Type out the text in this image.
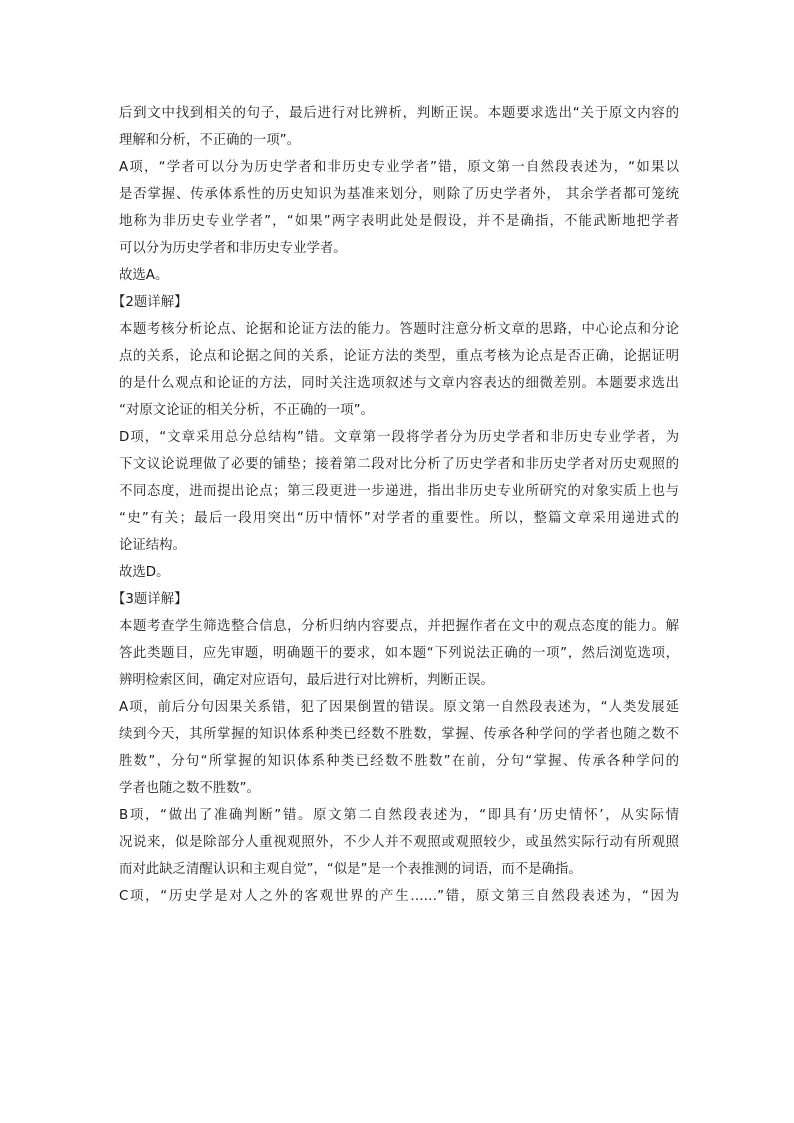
后到文中找到相关的句子，最后进行对比辨析，判断正误。本题要求选出“关于原文内容的
理解和分析，不正确的一项”。
A项，“学者可以分为历史学者和非历史专业学者”错，原文第一自然段表述为，“如果以
是否掌握、传承体系性的历史知识为基准来划分，则除了历史学者外， 其余学者都可笼统
地称为非历史专业学者”，“如果”两字表明此处是假设，并不是确指，不能武断地把学者
可以分为历史学者和非历史专业学者。
故选A。
【2题详解】
本题考核分析论点、论据和论证方法的能力。答题时注意分析文章的思路，中心论点和分论
点的关系，论点和论据之间的关系，论证方法的类型，重点考核为论点是否正确，论据证明
的是什么观点和论证的方法，同时关注选项叙述与文章内容表达的细微差别。本题要求选出
“对原文论证的相关分析，不正确的一项”。
D项，“文章采用总分总结构”错。文章第一段将学者分为历史学者和非历史专业学者，为
下文议论说理做了必要的铺垫；接着第二段对比分析了历史学者和非历史学者对历史观照的
不同态度，进而提出论点；第三段更进一步递进，指出非历史专业所研究的对象实质上也与
“史”有关；最后一段用突出“历中情怀”对学者的重要性。所以，整篇文章采用递进式的
论证结构。
故选D。
【3题详解】
本题考查学生筛选整合信息，分析归纳内容要点，并把握作者在文中的观点态度的能力。解
答此类题目，应先审题，明确题干的要求，如本题“下列说法正确的一项”，然后浏览选项，
辨明检索区间，确定对应语句，最后进行对比辨析，判断正误。
A项，前后分句因果关系错，犯了因果倒置的错误。原文第一自然段表述为，“人类发展延
续到今天，其所掌握的知识体系种类已经数不胜数，掌握、传承各种学问的学者也随之数不
胜数”，分句“所掌握的知识体系种类已经数不胜数”在前，分句“掌握、传承各种学问的
学者也随之数不胜数”。
B项，“做出了准确判断”错。原文第二自然段表述为，“即具有‘历史情怀’，从实际情
况说来，似是除部分人重视观照外，不少人并不观照或观照较少，或虽然实际行动有所观照
而对此缺乏清醒认识和主观自觉”，“似是”是一个表推测的词语，而不是确指。
C项，“历史学是对人之外的客观世界的产生……”错，原文第三自然段表述为，“因为
